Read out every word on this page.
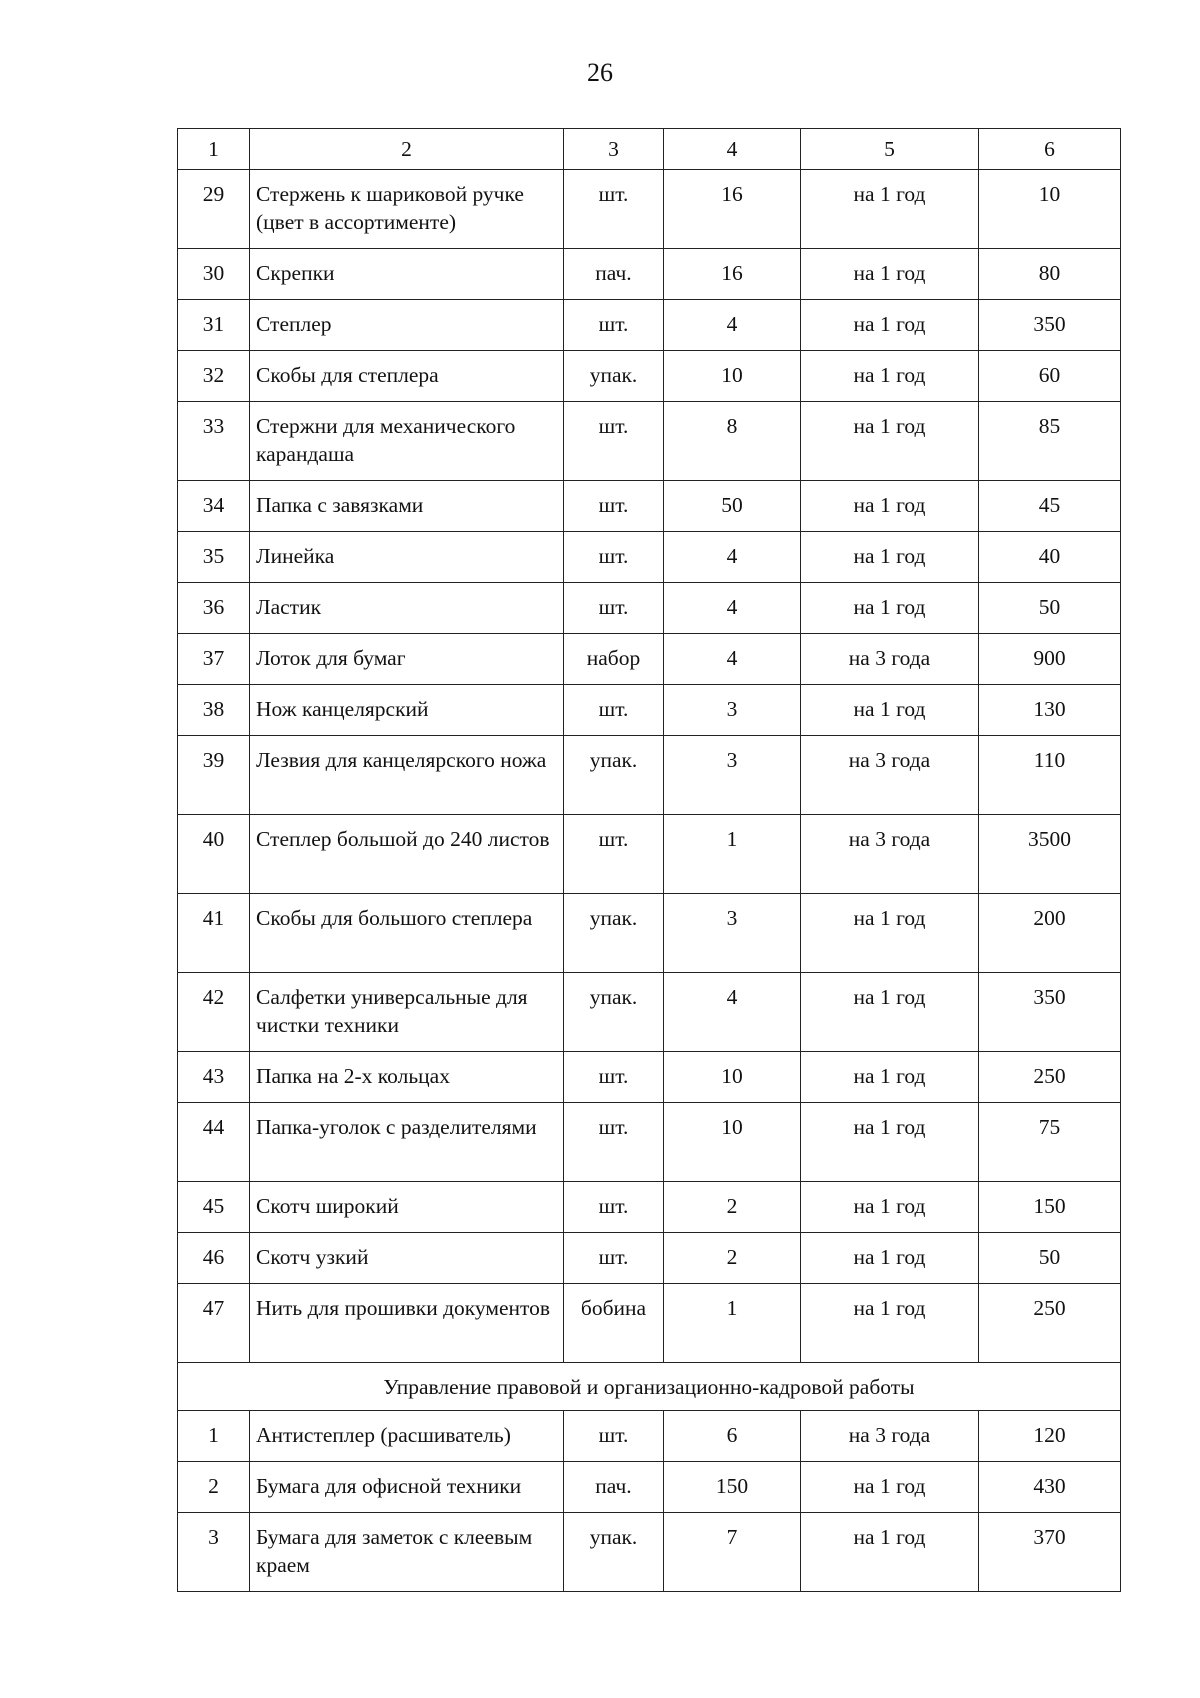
26
1	2	3	4	5	6
29	Стержень к шариковой ручке (цвет в ассортименте)	шт.	16	на 1 год	10
30	Скрепки	пач.	16	на 1 год	80
31	Степлер	шт.	4	на 1 год	350
32	Скобы для степлера	упак.	10	на 1 год	60
33	Стержни для механического карандаша	шт.	8	на 1 год	85
34	Папка с завязками	шт.	50	на 1 год	45
35	Линейка	шт.	4	на 1 год	40
36	Ластик	шт.	4	на 1 год	50
37	Лоток для бумаг	набор	4	на 3 года	900
38	Нож канцелярский	шт.	3	на 1 год	130
39	Лезвия для канцелярского ножа	упак.	3	на 3 года	110
40	Степлер большой до 240 листов	шт.	1	на 3 года	3500
41	Скобы для большого степлера	упак.	3	на 1 год	200
42	Салфетки универсальные для чистки техники	упак.	4	на 1 год	350
43	Папка на 2-х кольцах	шт.	10	на 1 год	250
44	Папка-уголок с разделителями	шт.	10	на 1 год	75
45	Скотч широкий	шт.	2	на 1 год	150
46	Скотч узкий	шт.	2	на 1 год	50
47	Нить для прошивки документов	бобина	1	на 1 год	250
Управление правовой и организационно-кадровой работы					
1	Антистеплер (расшиватель)	шт.	6	на 3 года	120
2	Бумага для офисной техники	пач.	150	на 1 год	430
3	Бумага для заметок с клеевым краем	упак.	7	на 1 год	370
